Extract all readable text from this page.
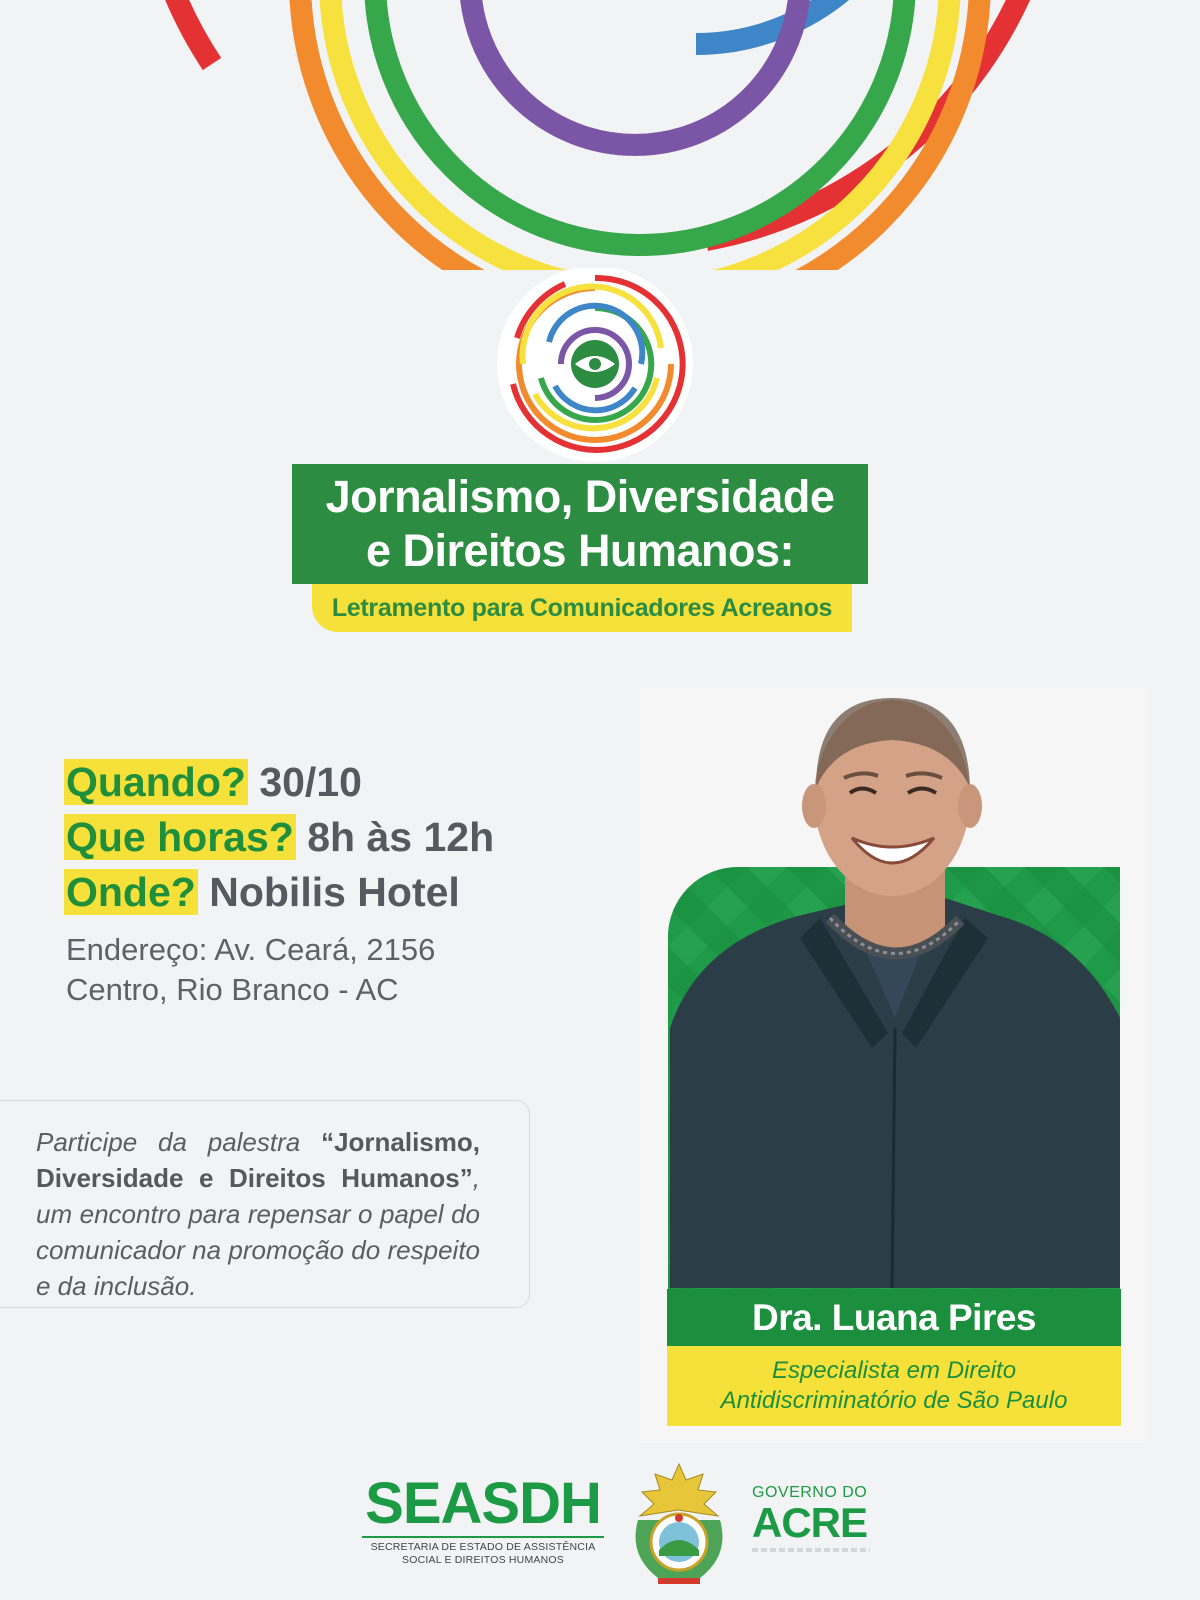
Jornalismo, Diversidade
e Direitos Humanos:
Letramento para Comunicadores Acreanos
Quando? 30/10
Que horas? 8h às 12h
Onde? Nobilis Hotel
Endereço: Av. Ceará, 2156
Centro, Rio Branco - AC
Participe da palestra “Jornalismo, Diversidade e Direitos Humanos”, um encontro para repensar o papel do comunicador na promoção do respeito e da inclusão.
Dra. Luana Pires
Especialista em Direito
Antidiscriminatório de São Paulo
SEASDH
SECRETARIA DE ESTADO DE ASSISTÊNCIA
SOCIAL E DIREITOS HUMANOS
GOVERNO DO
ACRE
